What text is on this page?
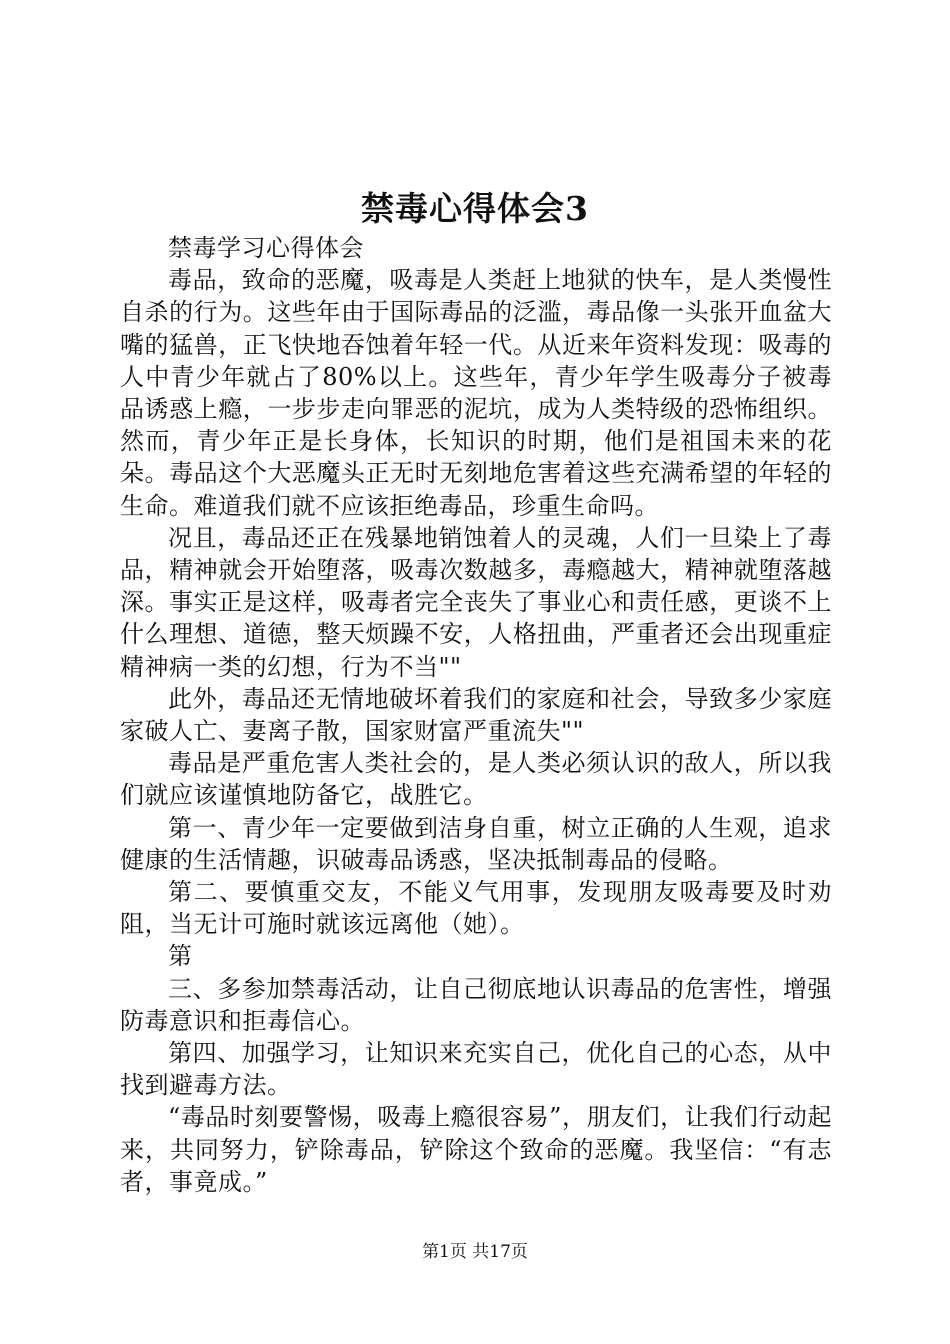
禁毒心得体会3

禁毒学习心得体会

毒品，致命的恶魔，吸毒是人类赶上地狱的快车，是人类慢性自杀的行为。这些年由于国际毒品的泛滥，毒品像一头张开血盆大嘴的猛兽，正飞快地吞蚀着年轻一代。从近来年资料发现：吸毒的人中青少年就占了80%以上。这些年，青少年学生吸毒分子被毒品诱惑上瘾，一步步走向罪恶的泥坑，成为人类特级的恐怖组织。然而，青少年正是长身体，长知识的时期，他们是祖国未来的花朵。毒品这个大恶魔头正无时无刻地危害着这些充满希望的年轻的生命。难道我们就不应该拒绝毒品，珍重生命吗。

况且，毒品还正在残暴地销蚀着人的灵魂，人们一旦染上了毒品，精神就会开始堕落，吸毒次数越多，毒瘾越大，精神就堕落越深。事实正是这样，吸毒者完全丧失了事业心和责任感，更谈不上什么理想、道德，整天烦躁不安，人格扭曲，严重者还会出现重症精神病一类的幻想，行为不当""

此外，毒品还无情地破坏着我们的家庭和社会，导致多少家庭家破人亡、妻离子散，国家财富严重流失""

毒品是严重危害人类社会的，是人类必须认识的敌人，所以我们就应该谨慎地防备它，战胜它。

第一、青少年一定要做到洁身自重，树立正确的人生观，追求健康的生活情趣，识破毒品诱惑，坚决抵制毒品的侵略。

第二、要慎重交友，不能义气用事，发现朋友吸毒要及时劝阻，当无计可施时就该远离他（她）。

第

三、多参加禁毒活动，让自己彻底地认识毒品的危害性，增强防毒意识和拒毒信心。

第四、加强学习，让知识来充实自己，优化自己的心态，从中找到避毒方法。

“毒品时刻要警惕，吸毒上瘾很容易”，朋友们，让我们行动起来，共同努力，铲除毒品，铲除这个致命的恶魔。我坚信：“有志者，事竟成。”

第1页 共17页
